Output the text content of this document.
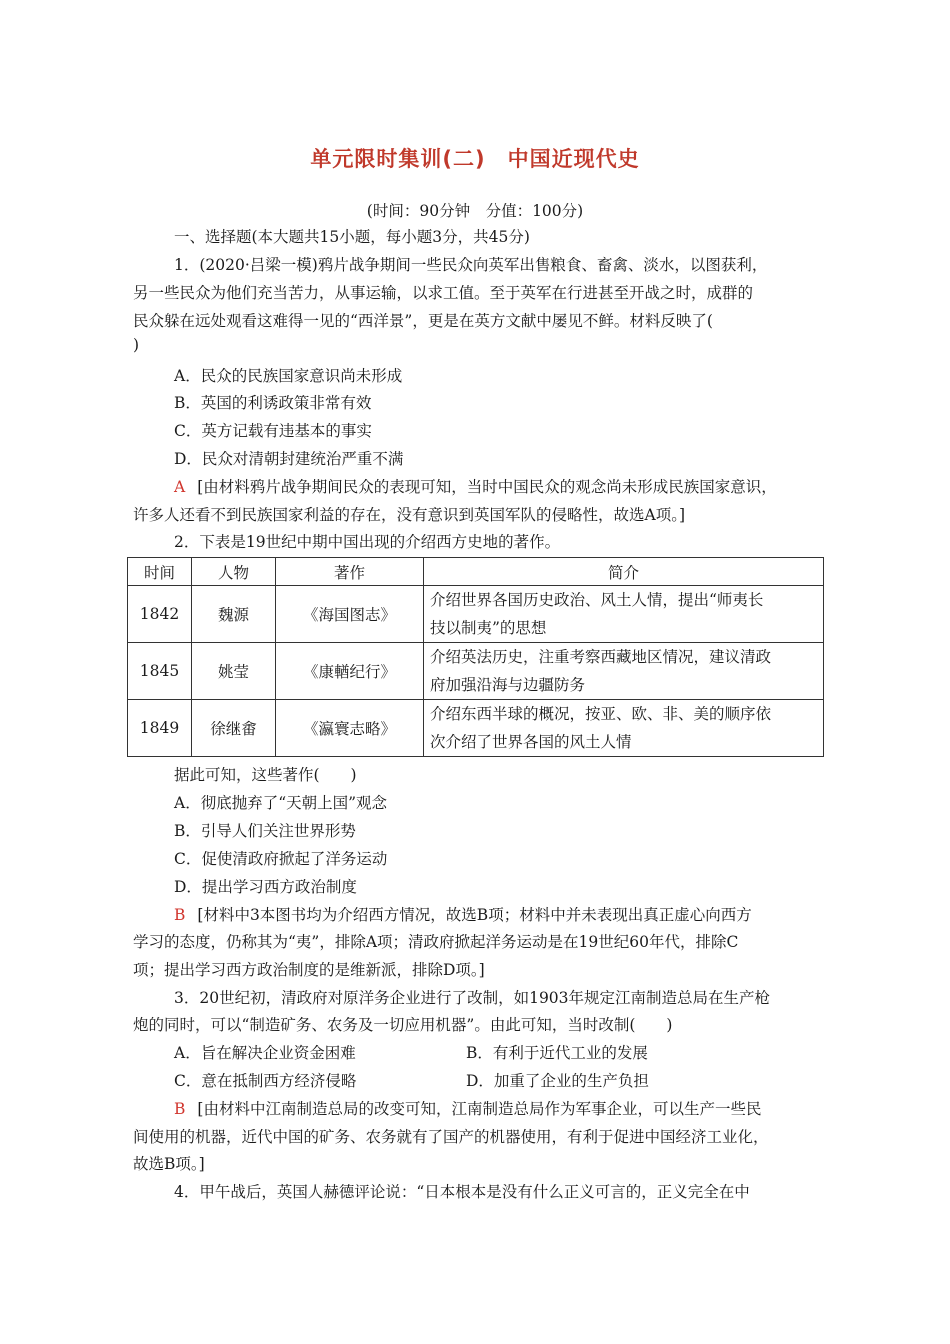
单元限时集训(二)　中国近现代史
(时间：90分钟　分值：100分)
一、选择题(本大题共15小题，每小题3分，共45分)
1．(2020·吕梁一模)鸦片战争期间一些民众向英军出售粮食、畜禽、淡水，以图获利，
另一些民众为他们充当苦力，从事运输，以求工值。至于英军在行进甚至开战之时，成群的
民众躲在远处观看这难得一见的“西洋景”，更是在英方文献中屡见不鲜。材料反映了(
)
A．民众的民族国家意识尚未形成
B．英国的利诱政策非常有效
C．英方记载有违基本的事实
D．民众对清朝封建统治严重不满
A [由材料鸦片战争期间民众的表现可知，当时中国民众的观念尚未形成民族国家意识，
许多人还看不到民族国家利益的存在，没有意识到英国军队的侵略性，故选A项。]
2．下表是19世纪中期中国出现的介绍西方史地的著作。
时间	人物	著作	简介
1842	魏源	《海国图志》	介绍世界各国历史政治、风土人情，提出“师夷长
技以制夷”的思想

1845	姚莹	《康輶纪行》	介绍英法历史，注重考察西藏地区情况，建议清政
府加强沿海与边疆防务

1849	徐继畬	《瀛寰志略》	介绍东西半球的概况，按亚、欧、非、美的顺序依
次介绍了世界各国的风土人情
据此可知，这些著作(　　)
A．彻底抛弃了“天朝上国”观念
B．引导人们关注世界形势
C．促使清政府掀起了洋务运动
D．提出学习西方政治制度
B [材料中3本图书均为介绍西方情况，故选B项；材料中并未表现出真正虚心向西方
学习的态度，仍称其为“夷”，排除A项；清政府掀起洋务运动是在19世纪60年代，排除C
项；提出学习西方政治制度的是维新派，排除D项。]
3．20世纪初，清政府对原洋务企业进行了改制，如1903年规定江南制造总局在生产枪
炮的同时，可以“制造矿务、农务及一切应用机器”。由此可知，当时改制(　　)
A．旨在解决企业资金困难	B．有利于近代工业的发展
C．意在抵制西方经济侵略	D．加重了企业的生产负担
B [由材料中江南制造总局的改变可知，江南制造总局作为军事企业，可以生产一些民
间使用的机器，近代中国的矿务、农务就有了国产的机器使用，有利于促进中国经济工业化，
故选B项。]
4．甲午战后，英国人赫德评论说：“日本根本是没有什么正义可言的，正义完全在中
